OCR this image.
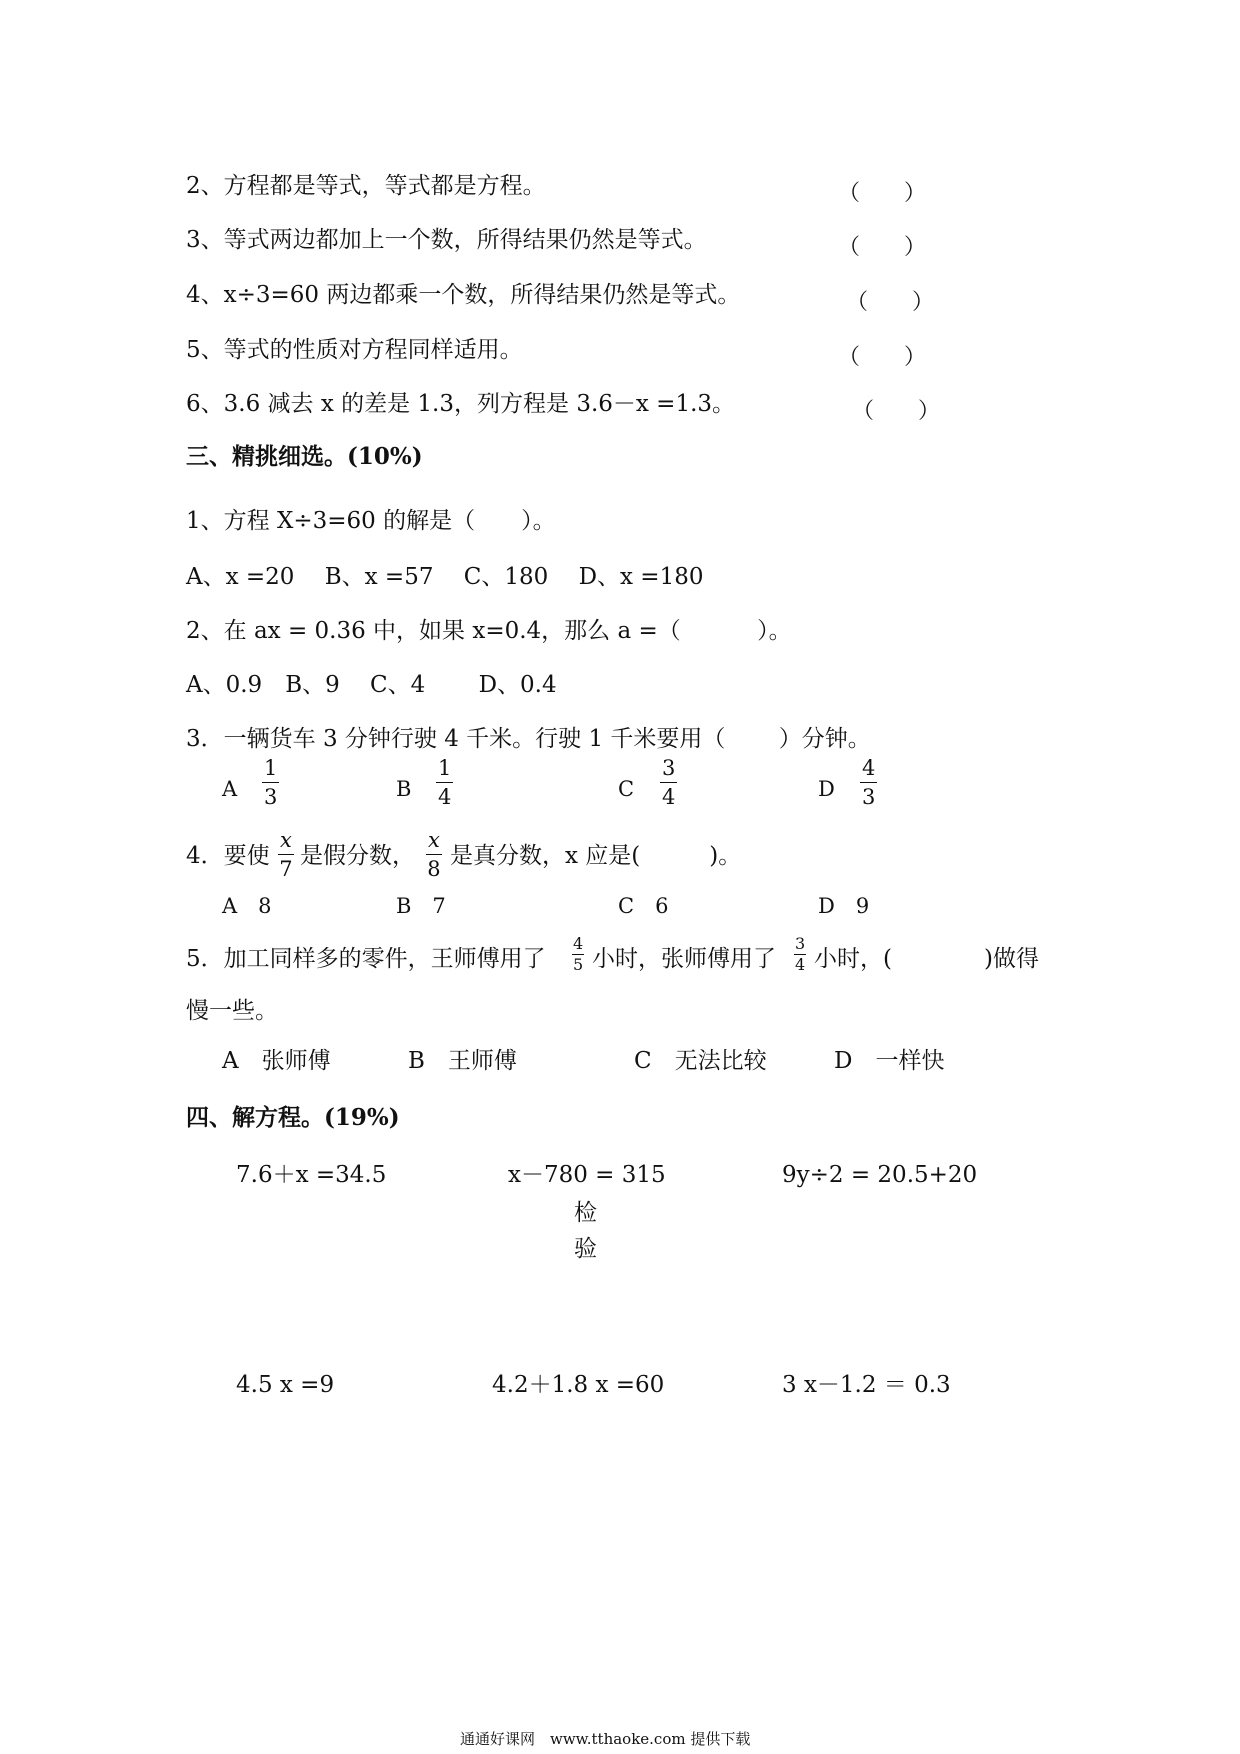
2、方程都是等式，等式都是方程。	（　　）
3、等式两边都加上一个数，所得结果仍然是等式。	（　　）
4、x÷3=60 两边都乘一个数，所得结果仍然是等式。	（　　）
5、等式的性质对方程同样适用。	（　　）
6、3.6 减去 x 的差是 1.3，列方程是 3.6－x =1.3。	（　　）
三、精挑细选。(10%)
1、方程 X÷3=60 的解是（　　）。
A、x =20　 B、x =57　 C、180　 D、x =180
2、在 ax = 0.36 中，如果 x=0.4，那么 a =（　　　 ）。
A、0.9　B、9　 C、4　　 D、0.4
3．一辆货车 3 分钟行驶 4 千米。行驶 1 千米要用（　　 ）分钟。
A
1
3	B
1
4	C
3
4	D
4
3
4．要使
x
7 是假分数，
x
8 是真分数，x 应是(　　　)。
A　8	B　7	C　6	D　9
5．加工同样多的零件，王师傅用了
4
5 小时，张师傅用了
3
4 小时，(　　　　)做得
慢一些。
A　张师傅	B　王师傅	C　无法比较	D　一样快
四、解方程。(19%)
7.6＋x =34.5	x－780 = 315	9y÷2 = 20.5+20
检
验
4.5 x =9	4.2＋1.8 x =60	3 x－1.2 ＝ 0.3
通通好课网　www.tthaoke.com 提供下载
